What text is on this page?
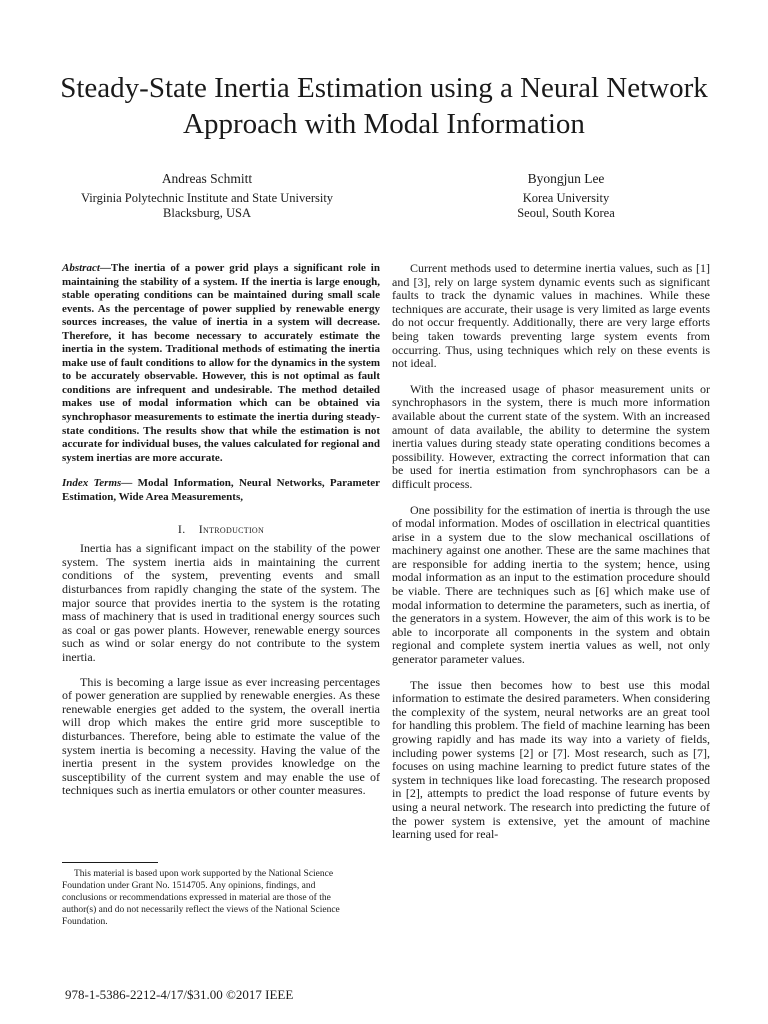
Steady-State Inertia Estimation using a Neural Network
Approach with Modal Information
Andreas Schmitt
Virginia Polytechnic Institute and State University
Blacksburg, USA
Byongjun Lee
Korea University
Seoul, South Korea

Abstract—The inertia of a power grid plays a significant role in maintaining the stability of a system. If the inertia is large enough, stable operating conditions can be maintained during small scale events. As the percentage of power supplied by renewable energy sources increases, the value of inertia in a system will decrease. Therefore, it has become necessary to accurately estimate the inertia in the system. Traditional methods of estimating the inertia make use of fault conditions to allow for the dynamics in the system to be accurately observable. However, this is not optimal as fault conditions are infrequent and undesirable. The method detailed makes use of modal information which can be obtained via synchrophasor measurements to estimate the inertia during steady-state conditions. The results show that while the estimation is not accurate for individual buses, the values calculated for regional and system inertias are more accurate.

Index Terms— Modal Information, Neural Networks, Parameter Estimation, Wide Area Measurements,

I. Introduction

Inertia has a significant impact on the stability of the power system. The system inertia aids in maintaining the current conditions of the system, preventing events and small disturbances from rapidly changing the state of the system. The major source that provides inertia to the system is the rotating mass of machinery that is used in traditional energy sources such as coal or gas power plants. However, renewable energy sources such as wind or solar energy do not contribute to the system inertia.

This is becoming a large issue as ever increasing percentages of power generation are supplied by renewable energies. As these renewable energies get added to the system, the overall inertia will drop which makes the entire grid more susceptible to disturbances. Therefore, being able to estimate the value of the system inertia is becoming a necessity. Having the value of the inertia present in the system provides knowledge on the susceptibility of the current system and may enable the use of techniques such as inertia emulators or other counter measures.

Current methods used to determine inertia values, such as [1] and [3], rely on large system dynamic events such as significant faults to track the dynamic values in machines. While these techniques are accurate, their usage is very limited as large events do not occur frequently. Additionally, there are very large efforts being taken towards preventing large system events from occurring. Thus, using techniques which rely on these events is not ideal.

With the increased usage of phasor measurement units or synchrophasors in the system, there is much more information available about the current state of the system. With an increased amount of data available, the ability to determine the system inertia values during steady state operating conditions becomes a possibility. However, extracting the correct information that can be used for inertia estimation from synchrophasors can be a difficult process.

One possibility for the estimation of inertia is through the use of modal information. Modes of oscillation in electrical quantities arise in a system due to the slow mechanical oscillations of machinery against one another. These are the same machines that are responsible for adding inertia to the system; hence, using modal information as an input to the estimation procedure should be viable. There are techniques such as [6] which make use of modal information to determine the parameters, such as inertia, of the generators in a system. However, the aim of this work is to be able to incorporate all components in the system and obtain regional and complete system inertia values as well, not only generator parameter values.

The issue then becomes how to best use this modal information to estimate the desired parameters. When considering the complexity of the system, neural networks are an great tool for handling this problem. The field of machine learning has been growing rapidly and has made its way into a variety of fields, including power systems [2] or [7]. Most research, such as [7], focuses on using machine learning to predict future states of the system in techniques like load forecasting. The research proposed in [2], attempts to predict the load response of future events by using a neural network. The research into predicting the future of the power system is extensive, yet the amount of machine learning used for real-

This material is based upon work supported by the National Science Foundation under Grant No. 1514705. Any opinions, findings, and conclusions or recommendations expressed in material are those of the author(s) and do not necessarily reflect the views of the National Science Foundation.

978-1-5386-2212-4/17/$31.00 ©2017 IEEE
